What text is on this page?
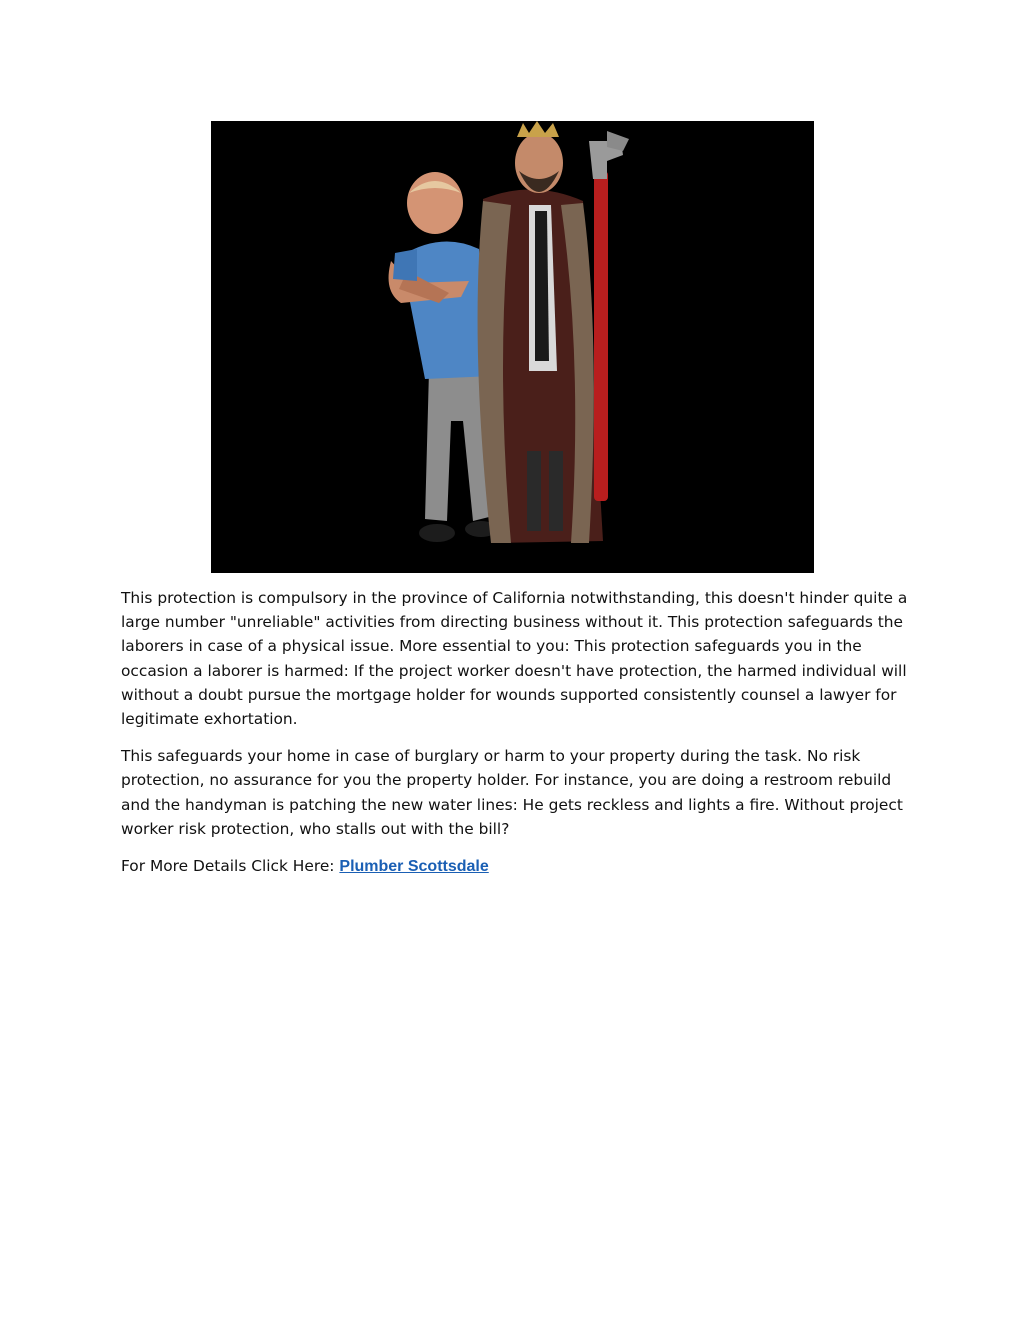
This protection is compulsory in the province of California notwithstanding, this doesn't hinder quite a large number "unreliable" activities from directing business without it. This protection safeguards the laborers in case of a physical issue. More essential to you: This protection safeguards you in the occasion a laborer is harmed: If the project worker doesn't have protection, the harmed individual will without a doubt pursue the mortgage holder for wounds supported consistently counsel a lawyer for legitimate exhortation.

This safeguards your home in case of burglary or harm to your property during the task. No risk protection, no assurance for you the property holder. For instance, you are doing a restroom rebuild and the handyman is patching the new water lines: He gets reckless and lights a fire. Without project worker risk protection, who stalls out with the bill?

For More Details Click Here: Plumber Scottsdale
